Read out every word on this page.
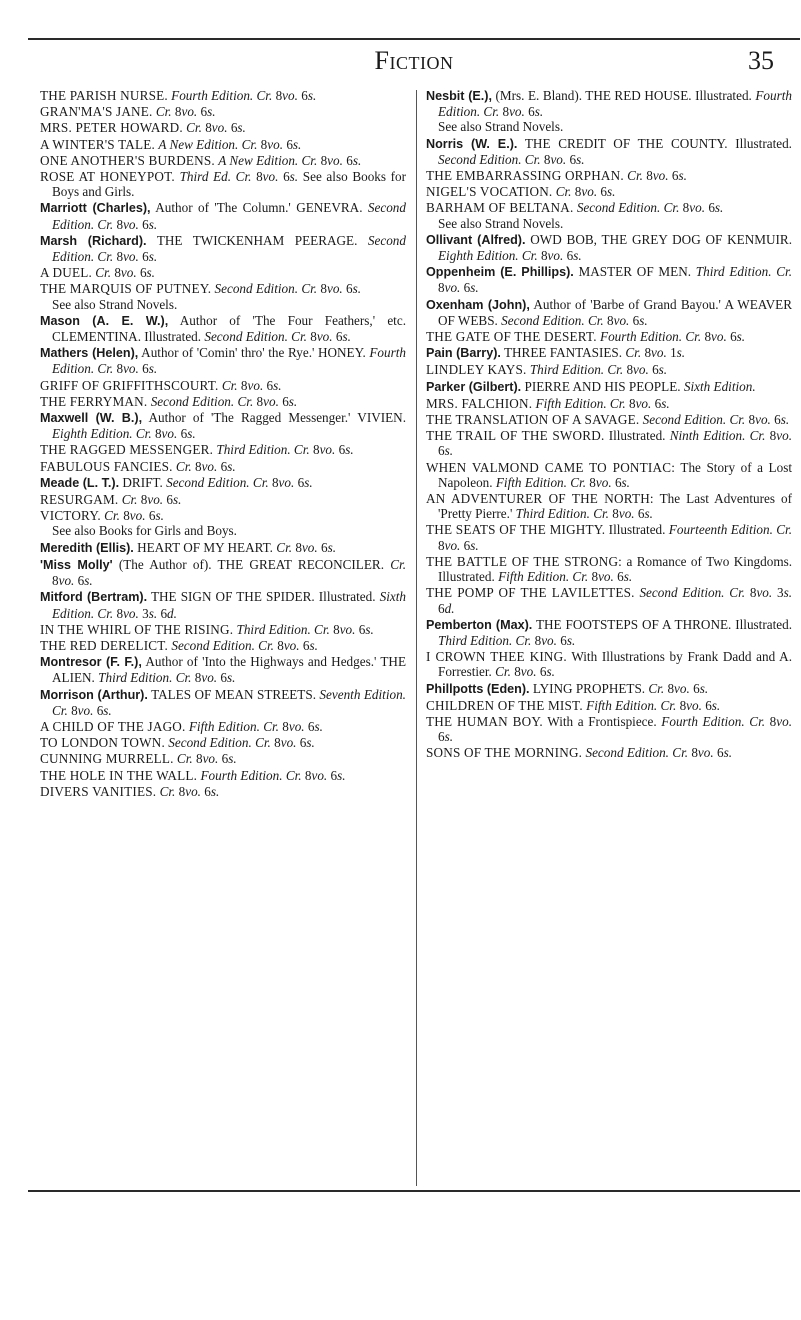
Fiction	35

THE PARISH NURSE. Fourth Edition. Cr. 8vo. 6s.

GRAN'MA'S JANE. Cr. 8vo. 6s.

MRS. PETER HOWARD. Cr. 8vo. 6s.

A WINTER'S TALE. A New Edition. Cr. 8vo. 6s.

ONE ANOTHER'S BURDENS. A New Edition. Cr. 8vo. 6s.

ROSE AT HONEYPOT. Third Ed. Cr. 8vo. 6s. See also Books for Boys and Girls.

Marriott (Charles), Author of 'The Column.' GENEVRA. Second Edition. Cr. 8vo. 6s.

Marsh (Richard). THE TWICKENHAM PEERAGE. Second Edition. Cr. 8vo. 6s.

A DUEL. Cr. 8vo. 6s.

THE MARQUIS OF PUTNEY. Second Edition. Cr. 8vo. 6s.
See also Strand Novels.

Mason (A. E. W.), Author of 'The Four Feathers,' etc. CLEMENTINA. Illustrated. Second Edition. Cr. 8vo. 6s.

Mathers (Helen), Author of 'Comin' thro' the Rye.' HONEY. Fourth Edition. Cr. 8vo. 6s.

GRIFF OF GRIFFITHSCOURT. Cr. 8vo. 6s.

THE FERRYMAN. Second Edition. Cr. 8vo. 6s.

Maxwell (W. B.), Author of 'The Ragged Messenger.' VIVIEN. Eighth Edition. Cr. 8vo. 6s.

THE RAGGED MESSENGER. Third Edition. Cr. 8vo. 6s.

FABULOUS FANCIES. Cr. 8vo. 6s.

Meade (L. T.). DRIFT. Second Edition. Cr. 8vo. 6s.

RESURGAM. Cr. 8vo. 6s.

VICTORY. Cr. 8vo. 6s.
See also Books for Girls and Boys.

Meredith (Ellis). HEART OF MY HEART. Cr. 8vo. 6s.

'Miss Molly' (The Author of). THE GREAT RECONCILER. Cr. 8vo. 6s.

Mitford (Bertram). THE SIGN OF THE SPIDER. Illustrated. Sixth Edition. Cr. 8vo. 3s. 6d.

IN THE WHIRL OF THE RISING. Third Edition. Cr. 8vo. 6s.

THE RED DERELICT. Second Edition. Cr. 8vo. 6s.

Montresor (F. F.), Author of 'Into the Highways and Hedges.' THE ALIEN. Third Edition. Cr. 8vo. 6s.

Morrison (Arthur). TALES OF MEAN STREETS. Seventh Edition. Cr. 8vo. 6s.

A CHILD OF THE JAGO. Fifth Edition. Cr. 8vo. 6s.

TO LONDON TOWN. Second Edition. Cr. 8vo. 6s.

CUNNING MURRELL. Cr. 8vo. 6s.

THE HOLE IN THE WALL. Fourth Edition. Cr. 8vo. 6s.

DIVERS VANITIES. Cr. 8vo. 6s.

Nesbit (E.), (Mrs. E. Bland). THE RED HOUSE. Illustrated. Fourth Edition. Cr. 8vo. 6s.
See also Strand Novels.

Norris (W. E.). THE CREDIT OF THE COUNTY. Illustrated. Second Edition. Cr. 8vo. 6s.

THE EMBARRASSING ORPHAN. Cr. 8vo. 6s.

NIGEL'S VOCATION. Cr. 8vo. 6s.

BARHAM OF BELTANA. Second Edition. Cr. 8vo. 6s.
See also Strand Novels.

Ollivant (Alfred). OWD BOB, THE GREY DOG OF KENMUIR. Eighth Edition. Cr. 8vo. 6s.

Oppenheim (E. Phillips). MASTER OF MEN. Third Edition. Cr. 8vo. 6s.

Oxenham (John), Author of 'Barbe of Grand Bayou.' A WEAVER OF WEBS. Second Edition. Cr. 8vo. 6s.

THE GATE OF THE DESERT. Fourth Edition. Cr. 8vo. 6s.

Pain (Barry). THREE FANTASIES. Cr. 8vo. 1s.

LINDLEY KAYS. Third Edition. Cr. 8vo. 6s.

Parker (Gilbert). PIERRE AND HIS PEOPLE. Sixth Edition.

MRS. FALCHION. Fifth Edition. Cr. 8vo. 6s.

THE TRANSLATION OF A SAVAGE. Second Edition. Cr. 8vo. 6s.

THE TRAIL OF THE SWORD. Illustrated. Ninth Edition. Cr. 8vo. 6s.

WHEN VALMOND CAME TO PONTIAC: The Story of a Lost Napoleon. Fifth Edition. Cr. 8vo. 6s.

AN ADVENTURER OF THE NORTH: The Last Adventures of 'Pretty Pierre.' Third Edition. Cr. 8vo. 6s.

THE SEATS OF THE MIGHTY. Illustrated. Fourteenth Edition. Cr. 8vo. 6s.

THE BATTLE OF THE STRONG: a Romance of Two Kingdoms. Illustrated. Fifth Edition. Cr. 8vo. 6s.

THE POMP OF THE LAVILETTES. Second Edition. Cr. 8vo. 3s. 6d.

Pemberton (Max). THE FOOTSTEPS OF A THRONE. Illustrated. Third Edition. Cr. 8vo. 6s.

I CROWN THEE KING. With Illustrations by Frank Dadd and A. Forrestier. Cr. 8vo. 6s.

Phillpotts (Eden). LYING PROPHETS. Cr. 8vo. 6s.

CHILDREN OF THE MIST. Fifth Edition. Cr. 8vo. 6s.

THE HUMAN BOY. With a Frontispiece. Fourth Edition. Cr. 8vo. 6s.

SONS OF THE MORNING. Second Edition. Cr. 8vo. 6s.
